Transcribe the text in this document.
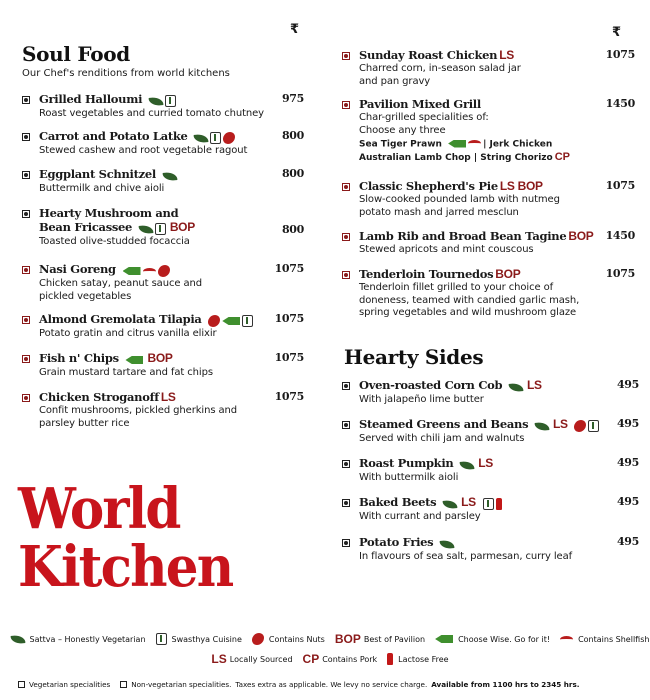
₹
Soul Food
Our Chef's renditions from world kitchens
Grilled Halloumi
Roast vegetables and curried tomato chutney
975
Carrot and Potato Latke
Stewed cashew and root vegetable ragout
800
Eggplant Schnitzel
Buttermilk and chive aioli
800
Hearty Mushroom and
Bean Fricassee	BOP
Toasted olive-studded focaccia
800
Nasi Goreng
Chicken satay, peanut sauce and
pickled vegetables
1075
Almond Gremolata Tilapia
Potato gratin and citrus vanilla elixir
1075
Fish n' Chips BOP
Grain mustard tartare and fat chips
1075
Chicken Stroganoff LS
Confit mushrooms, pickled gherkins and
parsley butter rice
1075
World
Kitchen
₹
Sunday Roast Chicken LS
Charred corn, in-season salad jar
and pan gravy
1075
Pavilion Mixed Grill
Char-grilled specialities of:
Choose any three
Sea Tiger Prawn	| Jerk Chicken
Australian Lamb Chop | String Chorizo CP
1450
Classic Shepherd's Pie LS BOP
Slow-cooked pounded lamb with nutmeg
potato mash and jarred mesclun
1075
Lamb Rib and Broad Bean Tagine BOP
Stewed apricots and mint couscous
1450
Tenderloin Tournedos BOP
Tenderloin fillet grilled to your choice of
doneness, teamed with candied garlic mash,
spring vegetables and wild mushroom glaze
1075
Hearty Sides
Oven-roasted Corn Cob LS
With jalapeño lime butter
495
Steamed Greens and Beans LS
Served with chili jam and walnuts
495
Roast Pumpkin LS
With buttermilk aioli
495
Baked Beets LS
With currant and parsley
495
Potato Fries
In flavours of sea salt, parmesan, curry leaf
495
Sattva – Honestly Vegetarian	Swasthya Cuisine	Contains Nuts BOP Best of Pavilion	Choose Wise. Go for it!	Contains Shellfish
LS Locally Sourced CP Contains Pork	Lactose Free
Vegetarian specialities	Non-vegetarian specialities. Taxes extra as applicable. We levy no service charge. Available from 1100 hrs to 2345 hrs.
